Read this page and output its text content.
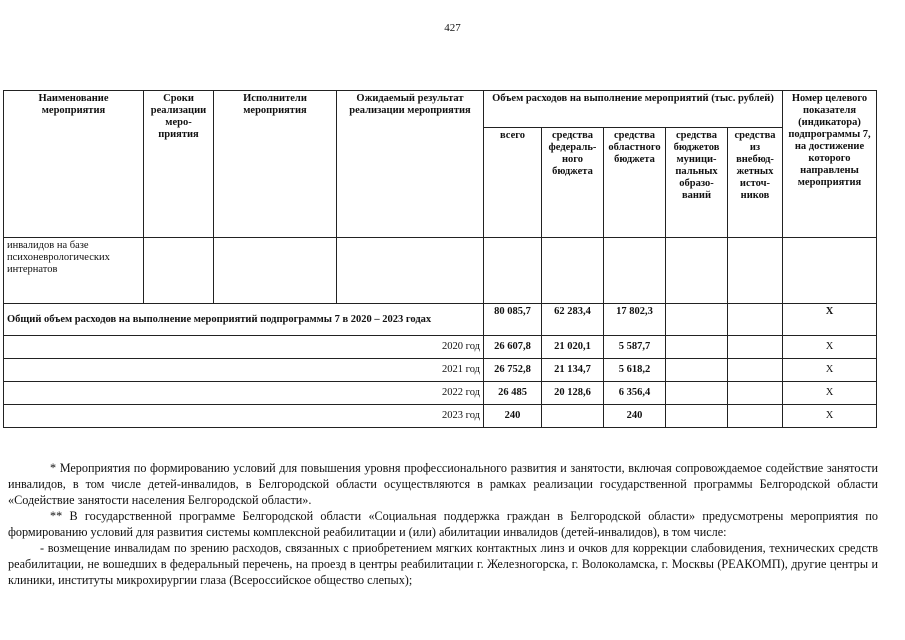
427
Наименование мероприятия	Сроки реализации меро-приятия	Исполнители мероприятия	Ожидаемый результат реализации мероприятия	Объем расходов на выполнение мероприятий (тыс. рублей)					Номер целевого показателя (индикатора) подпрограммы 7, на достижение которого направлены мероприятия
				всего	средства федераль-ного бюджета	средства областного бюджета	средства бюджетов муници-пальных образо-ваний	средства из внебюд-жетных источ-ников	
инвалидов на базе психоневрологических интернатов									
Общий объем расходов на выполнение мероприятий подпрограммы 7 в 2020 – 2023 годах				80 085,7	62 283,4	17 802,3			Х
2020 год				26 607,8	21 020,1	5 587,7			Х
2021 год				26 752,8	21 134,7	5 618,2			Х
2022 год				26 485	20 128,6	6 356,4			Х
2023 год				240		240			Х

* Мероприятия по формированию условий для повышения уровня профессионального развития и занятости, включая сопровождаемое содействие занятости инвалидов, в том числе детей-инвалидов, в Белгородской области осуществляются в рамках реализации государственной программы Белгородской области «Содействие занятости населения Белгородской области».

** В государственной программе Белгородской области «Социальная поддержка граждан в Белгородской области» предусмотрены мероприятия по формированию условий для развития системы комплексной реабилитации и (или) абилитации инвалидов (детей-инвалидов), в том числе:

- возмещение инвалидам по зрению расходов, связанных с приобретением мягких контактных линз и очков для коррекции слабовидения, технических средств реабилитации, не вошедших в федеральный перечень, на проезд в центры реабилитации г. Железногорска, г. Волоколамска, г. Москвы (РЕАКОМП), другие центры и клиники, институты микрохирургии глаза (Всероссийское общество слепых);
